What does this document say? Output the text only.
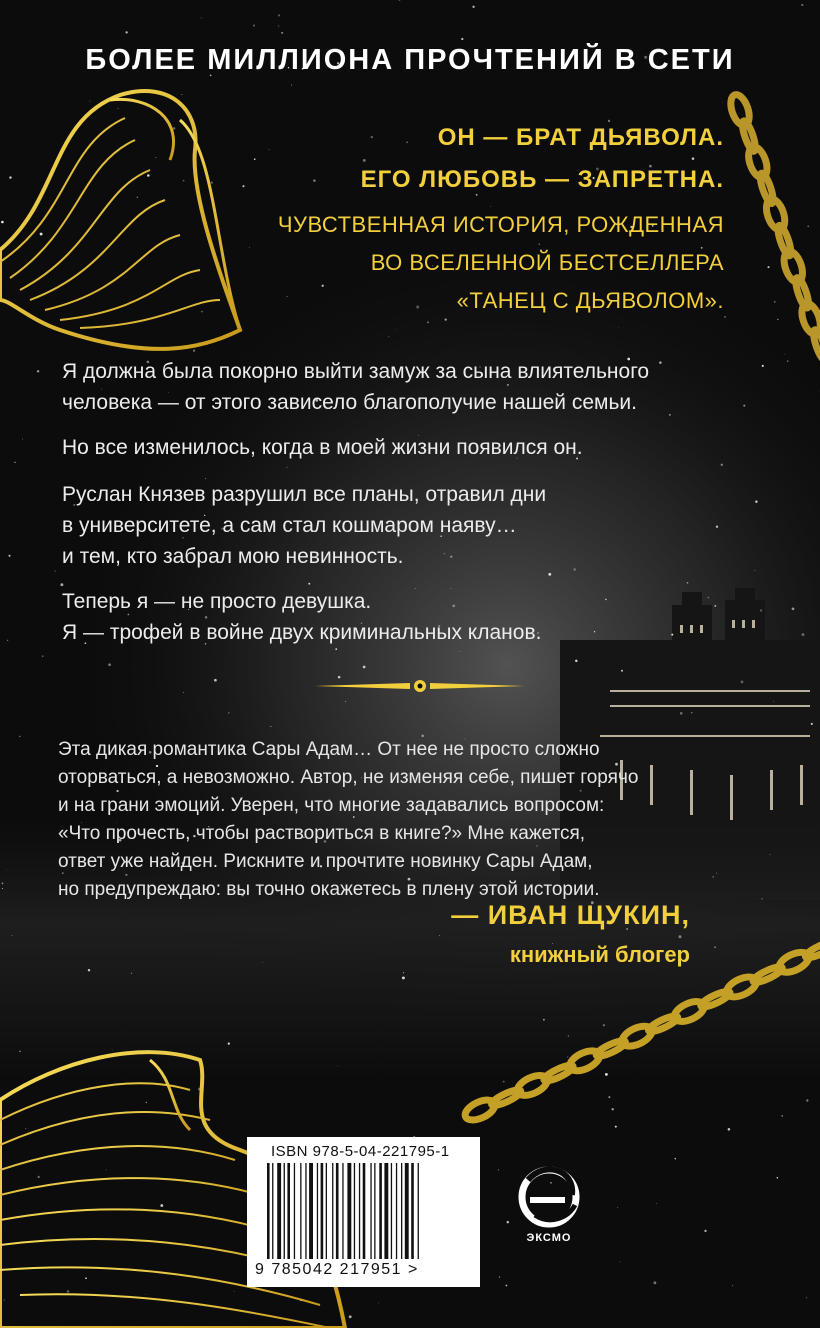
БОЛЕЕ МИЛЛИОНА ПРОЧТЕНИЙ В СЕТИ
ОН — БРАТ ДЬЯВОЛА.
ЕГО ЛЮБОВЬ — ЗАПРЕТНА.
ЧУВСТВЕННАЯ ИСТОРИЯ, РОЖДЕННАЯ
ВО ВСЕЛЕННОЙ БЕСТСЕЛЛЕРА
«ТАНЕЦ С ДЬЯВОЛОМ».

Я должна была покорно выйти замуж за сына влиятельного

человека — от этого зависело благополучие нашей семьи.

Но все изменилось, когда в моей жизни появился он.

Руслан Князев разрушил все планы, отравил дни

в университете, а сам стал кошмаром наяву…

и тем, кто забрал мою невинность.

Теперь я — не просто девушка.

Я — трофей в войне двух криминальных кланов.

Эта дикая романтика Сары Адам… От нее не просто сложно
оторваться, а невозможно. Автор, не изменяя себе, пишет горячо
и на грани эмоций. Уверен, что многие задавались вопросом:
«Что прочесть, чтобы раствориться в книге?» Мне кажется,
ответ уже найден. Рискните и прочтите новинку Сары Адам,
но предупреждаю: вы точно окажетесь в плену этой истории.
— ИВАН ЩУКИН,
книжный блогер
ISBN 978-5-04-221795-1
9 785042 217951 >
ЭКСМО
